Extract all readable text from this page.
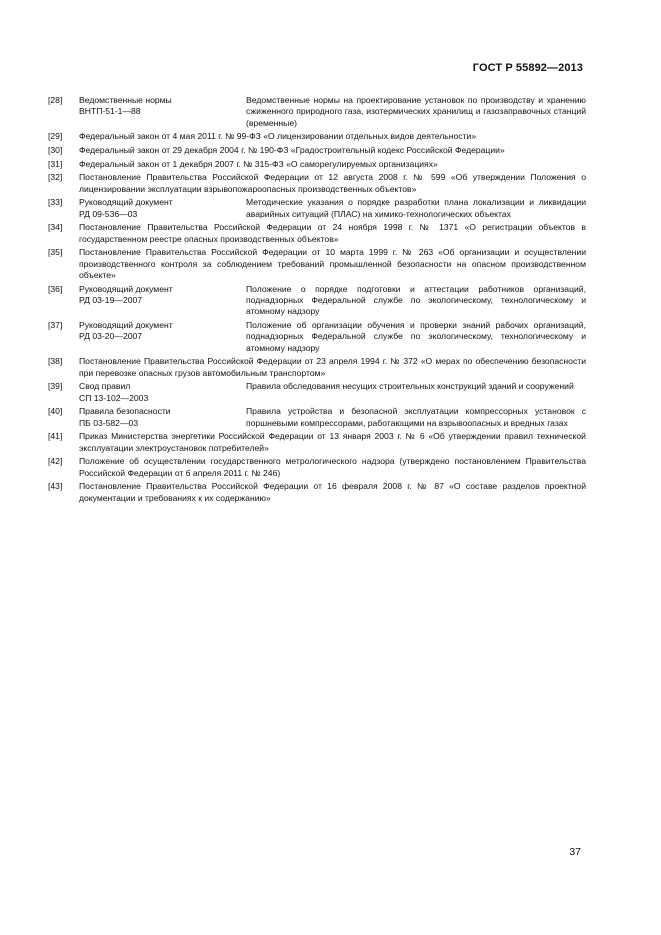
ГОСТ Р 55892—2013
[28] Ведомственные нормы
ВНТП-51-1—88
Ведомственные нормы на проектирование установок по производству и хранению сжиженного природного газа, изотермических хранилищ и газозаправочных станций (временные)
[29] Федеральный закон от 4 мая 2011 г. № 99-ФЗ «О лицензировании отдельных видов деятельности»
[30] Федеральный закон от 29 декабря 2004 г. № 190-ФЗ «Градостроительный кодекс Российской Федерации»
[31] Федеральный закон от 1 декабря 2007 г. № 315-ФЗ «О саморегулируемых организациях»
[32] Постановление Правительства Российской Федерации от 12 августа 2008 г. № 599 «Об утверждении Положения о лицензировании эксплуатации взрывопожароопасных производственных объектов»
[33] Руководящий документ
РД 09-536—03
Методические указания о порядке разработки плана локализации и ликвидации аварийных ситуаций (ПЛАС) на химико-технологических объектах
[34] Постановление Правительства Российской Федерации от 24 ноября 1998 г. № 1371 «О регистрации объектов в государственном реестре опасных производственных объектов»
[35] Постановление Правительства Российской Федерации от 10 марта 1999 г. № 263 «Об организации и осуществлении производственного контроля за соблюдением требований промышленной безопасности на опасном производственном объекте»
[36] Руководящий документ
РД 03-19—2007
Положение о порядке подготовки и аттестации работников организаций, поднадзорных Федеральной службе по экологическому, технологическому и атомному надзору
[37] Руководящий документ
РД 03-20—2007
Положение об организации обучения и проверки знаний рабочих организаций, поднадзорных Федеральной службе по экологическому, технологическому и атомному надзору
[38] Постановление Правительства Российской Федерации от 23 апреля 1994 г. № 372 «О мерах по обеспечению безопасности при перевозке опасных грузов автомобильным транспортом»
[39] Свод правил
СП 13-102—2003
Правила обследования несущих строительных конструкций зданий и сооружений
[40] Правила безопасности
ПБ 03-582—03
Правила устройства и безопасной эксплуатации компрессорных установок с поршневыми компрессорами, работающими на взрывоопасных и вредных газах
[41] Приказ Министерства энергетики Российской Федерации от 13 января 2003 г. № 6 «Об утверждении правил технической эксплуатации электроустановок потребителей»
[42] Положение об осуществлении государственного метрологического надзора (утверждено постановлением Правительства Российской Федерации от 6 апреля 2011 г. № 246)
[43] Постановление Правительства Российской Федерации от 16 февраля 2008 г. № 87 «О составе разделов проектной документации и требованиях к их содержанию»
37
